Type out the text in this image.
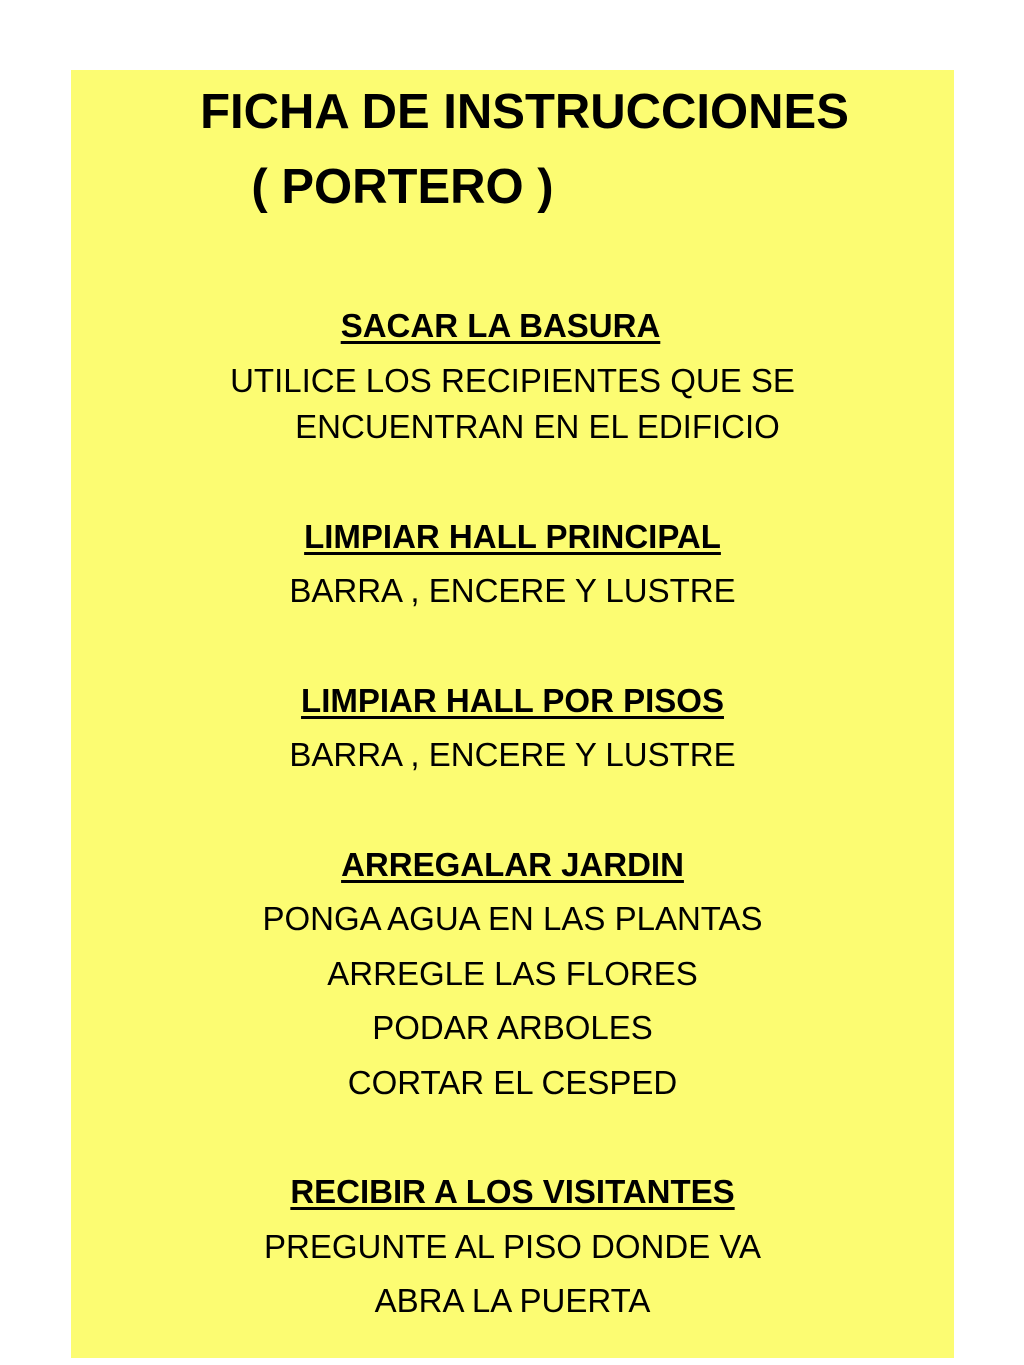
FICHA DE INSTRUCCIONES
( PORTERO )

SACAR LA BASURA

UTILICE LOS RECIPIENTES QUE SE

ENCUENTRAN EN EL EDIFICIO

LIMPIAR HALL PRINCIPAL

BARRA , ENCERE Y LUSTRE

LIMPIAR HALL POR PISOS

BARRA , ENCERE Y LUSTRE

ARREGALAR JARDIN

PONGA AGUA EN LAS PLANTAS

ARREGLE LAS FLORES

PODAR ARBOLES

CORTAR EL CESPED

RECIBIR A LOS VISITANTES

PREGUNTE AL PISO DONDE VA

ABRA LA PUERTA
